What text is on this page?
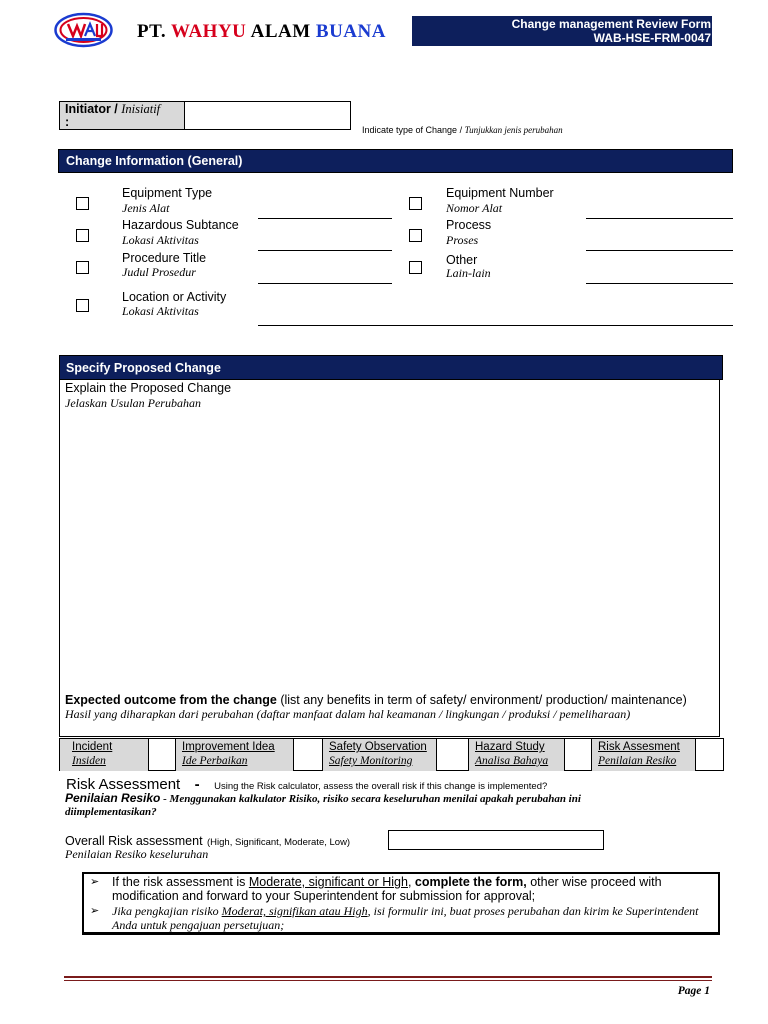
PT. WAHYU ALAM BUANA	Change management Review Form
WAB-HSE-FRM-0047
Initiator / Inisiatif
:
Indicate type of Change / Tunjukkan jenis perubahan
Change Information (General)
Equipment Type
Jenis Alat
Hazardous Subtance
Lokasi Aktivitas
Procedure Title
Judul Prosedur
Location or Activity
Lokasi Aktivitas
Equipment Number
Nomor Alat
Process
Proses
Other
Lain-lain
Specify Proposed Change
Explain the Proposed Change
Jelaskan Usulan Perubahan
Expected outcome from the change (list any benefits in term of safety/ environment/ production/ maintenance)
Hasil yang diharapkan dari perubahan (daftar manfaat dalam hal keamanan / lingkungan / produksi / pemeliharaan)
Incident
Insiden
Improvement Idea
Ide Perbaikan
Safety Observation
Safety Monitoring
Hazard Study
Analisa Bahaya
Risk Assesment
Penilaian Resiko
Risk Assessment - Using the Risk calculator, assess the overall risk if this change is implemented?
Penilaian Resiko - Menggunakan kalkulator Risiko, risiko secara keseluruhan menilai apakah perubahan ini diimplementasikan?
Overall Risk assessment (High, Significant, Moderate, Low)
Penilaian Resiko keseluruhan
➢ If the risk assessment is Moderate, significant or High, complete the form, other wise proceed with modification and forward to your Superintendent for submission for approval;
➢ Jika pengkajian risiko Moderat, signifikan atau High, isi formulir ini, buat proses perubahan dan kirim ke Superintendent Anda untuk pengajuan persetujuan;
Page 1
